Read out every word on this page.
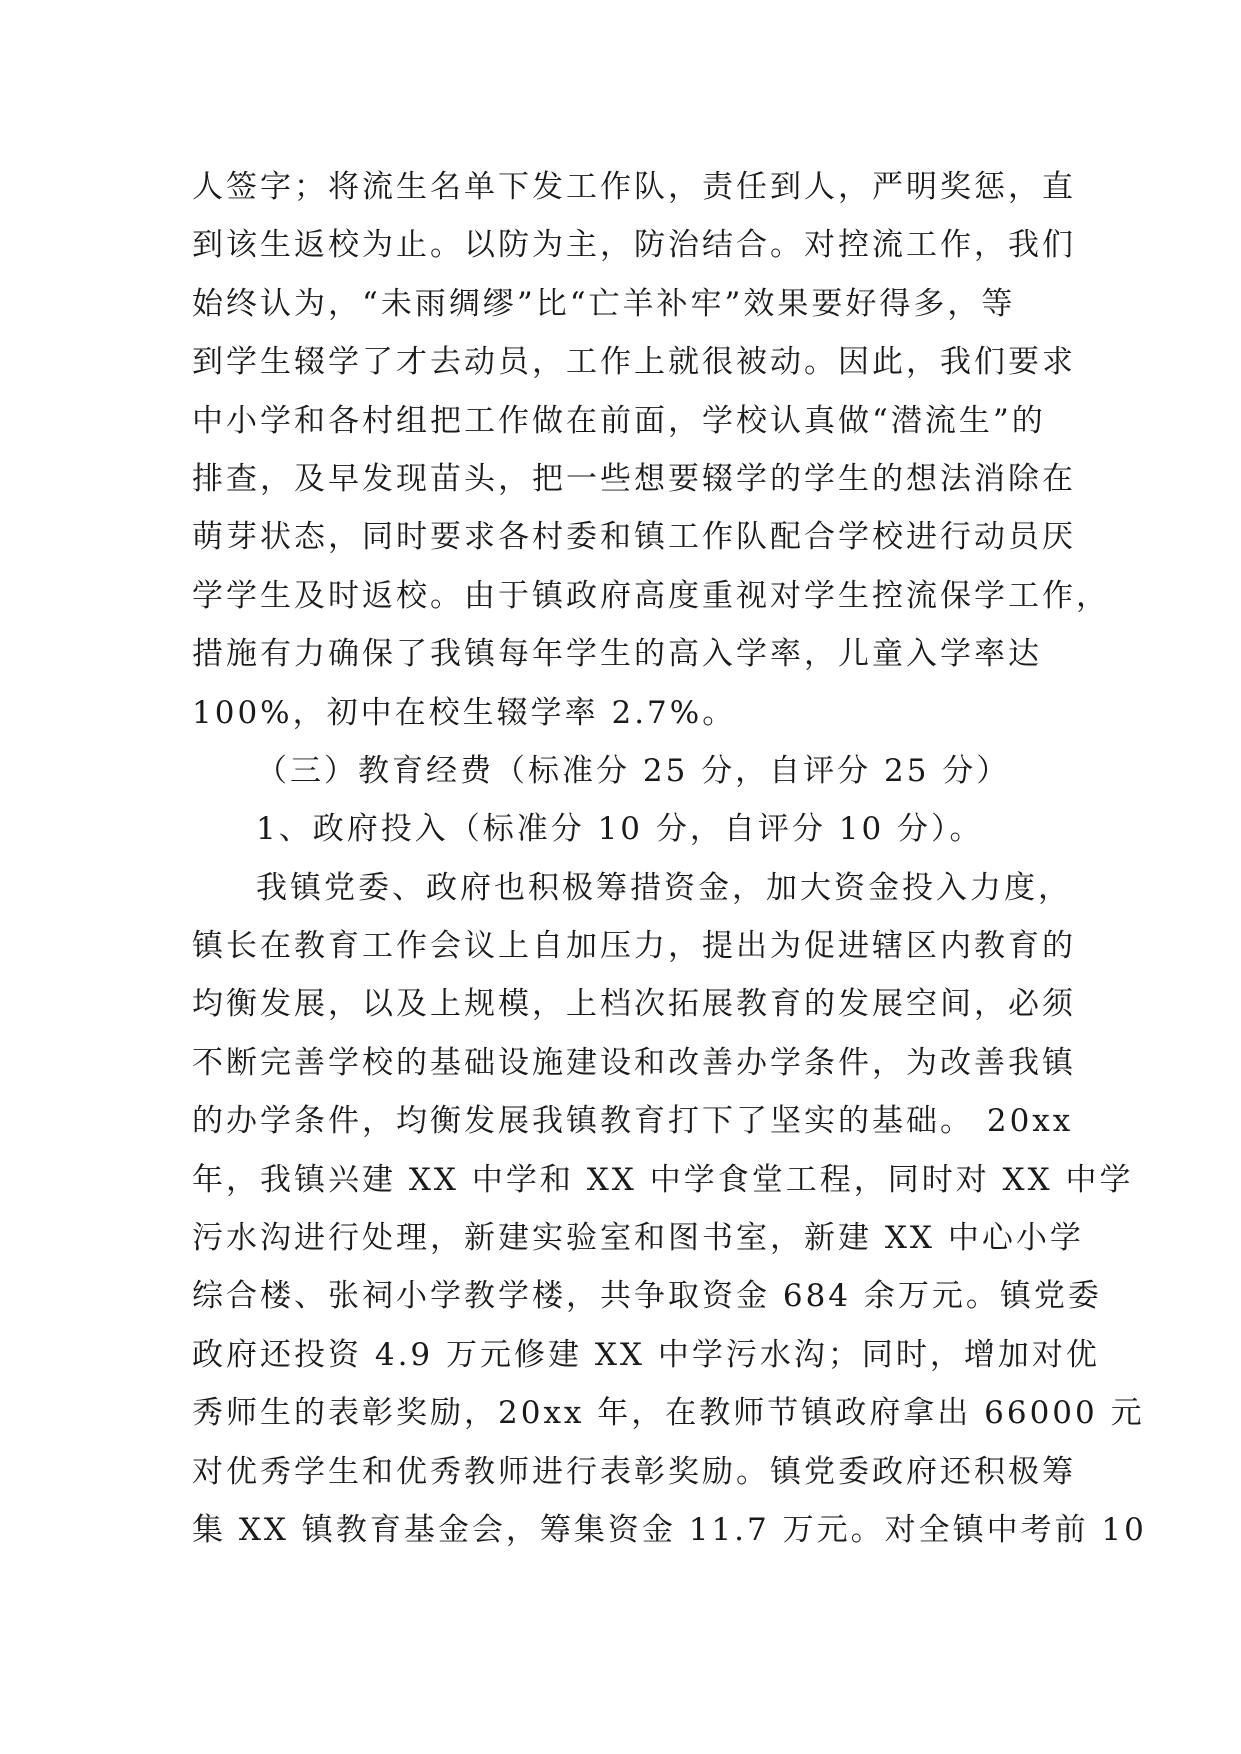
人签字；将流生名单下发工作队，责任到人，严明奖惩，直
到该生返校为止。以防为主，防治结合。对控流工作，我们
始终认为，“未雨绸缪”比“亡羊补牢”效果要好得多，等
到学生辍学了才去动员，工作上就很被动。因此，我们要求
中小学和各村组把工作做在前面，学校认真做“潜流生”的
排查，及早发现苗头，把一些想要辍学的学生的想法消除在
萌芽状态，同时要求各村委和镇工作队配合学校进行动员厌
学学生及时返校。由于镇政府高度重视对学生控流保学工作，
措施有力确保了我镇每年学生的高入学率，儿童入学率达
100%，初中在校生辍学率 2.7%。
（三）教育经费（标准分 25 分，自评分 25 分）
1、政府投入（标准分 10 分，自评分 10 分）。
我镇党委、政府也积极筹措资金，加大资金投入力度，
镇长在教育工作会议上自加压力，提出为促进辖区内教育的
均衡发展，以及上规模，上档次拓展教育的发展空间，必须
不断完善学校的基础设施建设和改善办学条件，为改善我镇
的办学条件，均衡发展我镇教育打下了坚实的基础。 20xx
年，我镇兴建 XX 中学和 XX 中学食堂工程，同时对 XX 中学
污水沟进行处理，新建实验室和图书室，新建 XX 中心小学
综合楼、张祠小学教学楼，共争取资金 684 余万元。镇党委
政府还投资 4.9 万元修建 XX 中学污水沟；同时，增加对优
秀师生的表彰奖励，20xx 年，在教师节镇政府拿出 66000 元
对优秀学生和优秀教师进行表彰奖励。镇党委政府还积极筹
集 XX 镇教育基金会，筹集资金 11.7 万元。对全镇中考前 10
